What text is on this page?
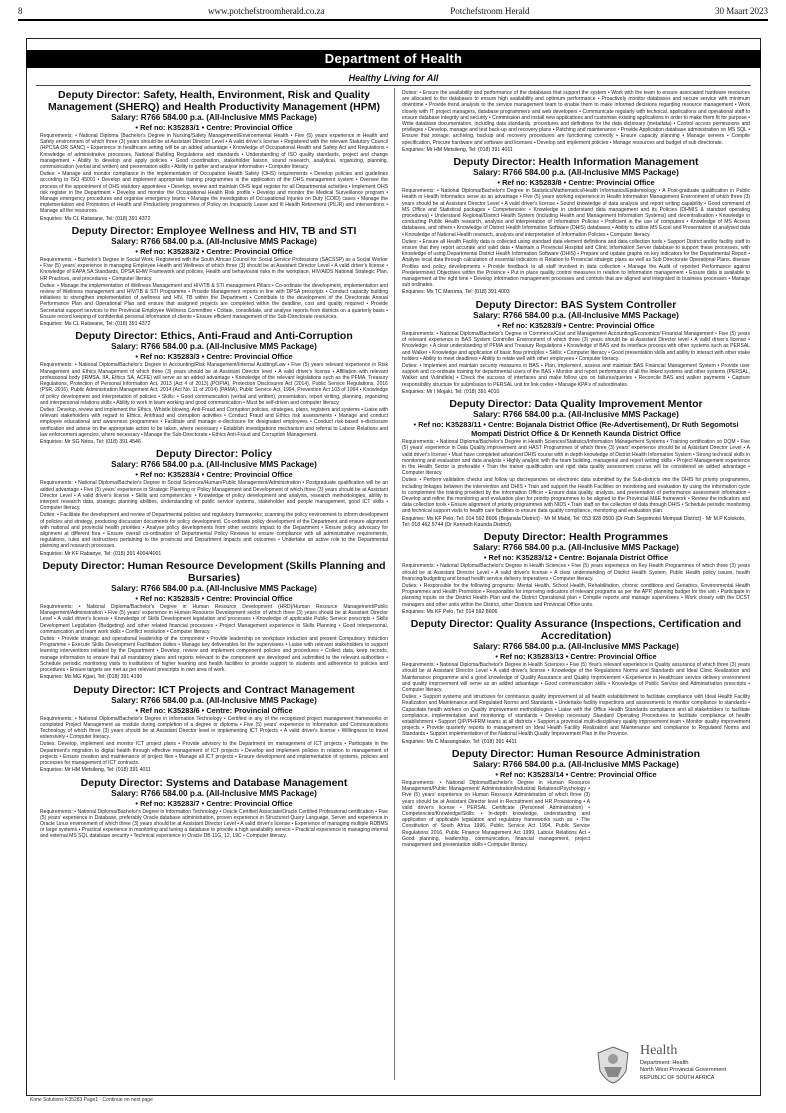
8	www.potchefstroomherald.co.za	Potchefstroom Herald	30 Maart 2023
Department of Health
Healthy Living for All
Deputy Director: Safety, Health, Environment, Risk and Quality Management (SHERQ) and Health Productivity Management (HPM)
Salary: R766 584.00 p.a. (All-Inclusive MMS Package)
• Ref no: K35283/1 • Centre: Provincial Office

Requirements: • National Diploma (Bachelor's Degree in Nursing/Safety Management/Environmental Health • Five (5) years experience in Health and Safety environment of which three (3) years should be at Assistant Director Level • A valid driver's license • Registered with the relevant Statutory Council (HPCSA OR SANC) • Experience in healthcare setting will be an added advantage • Knowledge of Occupational Health and Safety Act and Regulations • Knowledge of administrative processes, National Building Regulations and standards • Understanding of ISO quality standards, project and change management • Ability to develop and apply policies • Good coordination, stakeholder liaison, sound research, analytical, organizing, planning, communication (verbal and written) and presentation skills • Ability to gather and analyse information • Computer literacy.

Duties: • Manage and monitor compliance in the implementation of Occupation Health Safety (OHS) requirements • Develop policies and guidelines according to ISO 45001 • Develop and implement appropriate training programmes in the application of the OHS management system • Oversee the process of the appointment of OHS statutory appointees • Develop, review and maintain OHS legal register for all Departmental activities • Implement OHS risk register in the Department • Develop and monitor the Occupational Health Risk profile • Develop and monitor the Medical Surveillance program • Manage emergency procedures and organise emergency teams • Manage the investigation of Occupational Injuries on Duty (COID) cases • Manage the implementation and Promotion of Health and Productivity programmes of Policy on Incapacity Leave and Ill Health Retirement (PILIR) and interventions • Manage all the resources.

Enquiries: Ms CL Ratseane, Tel: (018) 391 4372
Deputy Director: Employee Wellness and HIV, TB and STI
Salary: R766 584.00 p.a. (All-Inclusive MMS Package)
• Ref no: K35283/2 • Centre: Provincial Office

Requirements: • Bachelor's Degree in Social Work, Registered with the South African Council for Social Service Professions (SACSSP) as a Social Worker • Five (5) years' experience in managing Employee Health and Wellness of which three (3) should be at Assistant Director Level • A valid driver's license • Knowledge of EAPA SA Standards, DPSA EHW Framework and policies, Health and behavioural risks in the workplace, HIV/AIDS National Strategic Plan, HR Practices, and procedures • Computer literacy.

Duties: • Manage the implementation of Wellness Management and HIV/TB & STI management Pillars • Co-ordinate the development, implementation and review of Wellness management and HIV/TB & STI Programme • Provide Management reports in line with DPSA prescripts • Conduct capacity building initiatives to strengthen implementation of wellness and HIV, TB within the Department • Contribute to the development of the Directorate Annual Performance Plan and Operational Plan and ensure that assigned projects are completed within the deadline, cost and quality required • Provide Secretariat support services to the Provincial Employee Wellness Committee • Collate, consolidate, and analyse reports from districts on a quarterly basis • Ensure record keeping of confidential personal information of clients • Ensure efficient management of the Sub-Directorate resources.

Enquiries: Ms CL Ratseane, Tel: (018) 391 4372
Deputy Director: Ethics, Anti-Fraud and Anti-Corruption
Salary: R766 584.00 p.a. (All-Inclusive MMS Package)
• Ref no: K35283/3 • Centre: Provincial Office

Requirements: • National Diploma/Bachelor's Degree in Accounting/Risk Management/Internal Auditing/Law • Five (5) years relevant experience in Risk Management and Ethics Management of which three (3) years should be at Assistant Director level • A valid driver's license • Affiliation with relevant professional body (IRMSA, IIA, Ethics SA, ACFE) will serve as an added advantage • Knowledge of the relevant legislations such as the PFMA, Treasury Regulations, Protection of Personal Information Act, 2013 (Act 4 of 2013) (POPIA), Protection Disclosures Act (2014), Public Service Regulations, 2016 (PSR, 2016), Public Administration Management Act, 2014 (Act No. 11 of 2014) (PAMA), Public Service Act, 1994, Prevention Act 103 of 1994 • Knowledge of policy development and interpretation of policies • Skills: • Good communication (verbal and written), presentation, report writing, planning, organizing and interpersonal relations skills • Ability to work in team working and good communication • Must be self-driven and computer literacy.

Duties: Develop, review and implement the Ethics, Whistle blowing, Anti-Fraud and Corruption policies, strategies, plans, registers and systems • Liaise with relevant stakeholders with regard to Ethics, Antifraud and corruption activities • Conduct Fraud and Ethics risk assessments • Manage and conduct employee educational and awareness programmes • Facilitate and manage e-disclosure for designated employees • Conduct risk-based e-disclosure verification and advise on the appropriate action to be taken, where necessary • Establish investigations mechanism and referral to Labour Relations and law enforcement agencies, where necessary • Manage the Sub-Directorate • Ethics Anti-Fraud and Corruption Management.

Enquiries: Mr SG Ndou, Tel: (018) 391 4546
Deputy Director: Policy
Salary: R766 584.00 p.a. (All-Inclusive MMS Package)
• Ref no: K35283/4 • Centre: Provincial Office

Requirements: • National Diploma/Bachelor's Degree in Social Sciences/Human/Public Management/Administration • Postgraduate qualification will be an added advantage • Five (5) years' experience in Strategic Planning or Policy Management and Development of which three (3) years should be at Assistant Director Level • A valid driver's license • Skills and competencies: • Knowledge of policy development and analysis, research methodologies, ability to interpret research data, strategic planning abilities, understanding of public service systems, stakeholder and people management, good ICT skills • Computer literacy.

Duties: • Facilitate the development and review of Departmental policies and regulatory frameworks; scanning the policy environment to inform development of policies and strategy, producing discussion documents for policy development. Co-ordinate policy development of the Department and ensure alignment with national and provincial health priorities • Analyse policy developments from other sectors impact to the Department • Ensure policy advocacy for alignment at different fora • Ensure overall co-ordination of Departmental Policy Reviews to ensure compliance with all administrative requirements, regulations, rules and instructions pertaining to the provincial and Department impacts and outcomes • Undertake an active role to the Departmental planning and research processes.

Enquiries: Mr KF Rabanye, Tel: (018) 391 4004/4001
Deputy Director: Human Resource Development (Skills Planning and Bursaries)
Salary: R766 584.00 p.a. (All-Inclusive MMS Package)
• Ref no: K35283/5 • Centre: Provincial Office

Requirements: • National Diploma/Bachelor's Degree in Human Resource Development (HRD)/Human Resource Management/Public Management/Administration • Five (5) years' experience in Human Resource Development sector of which three (3) years should be at Assistant Director Level • A valid driver's license • Knowledge of Skills Development legislation and processes • Knowledge of applicable Public Service prescripts • Skills Development Legislation (Budgeting) and other related financial processes • Project Management experience in Skills Planning • Good interpersonal, communication and team work skills • Conflict resolution • Computer literacy.

Duties: • Provide strategic and operational leadership of the component • Provide leadership on workplace induction and present Compulsory Induction Programme • Execute Skills Development Facilitation duties • Manage key deliverables for the supervisees • Liaise with relevant stakeholders to support learning interventions initiated by the Department • Develop, review and implement component policies and procedures • Collect data, keep records, manage information to ensure that all mandatory plans and reports relevant to the component are developed and submitted to the relevant authorities • Schedule periodic monitoring visits to institutions of higher learning and health facilities to provide support to students and adherence to policies and procedures • Ensure targets are met as per relevant prescripts in own area of work.

Enquiries: Ms MG Kgari, Tel: (018) 391 4190
Deputy Director: ICT Projects and Contract Management
Salary: R766 584.00 p.a. (All-Inclusive MMS Package)
• Ref no: K35283/6 • Centre: Provincial Office

Requirements: • National Diploma/Bachelor's Degree in Information Technology • Certified in any of the recognized project management frameworks or completed Project Management as module during completion of a degree or diploma • Five (5) years' experience in Information and Communications Technology of which three (3) years should be at Assistant Director level in implementing ICT Projects • A valid driver's license • Willingness to travel extensively • Computer literacy.

Duties: Develop, implement and monitor ICT project plans • Provide advisory to the Department on management of ICT projects • Participate in the Department's migration to digital health through effective management of ICT projects • Develop and implement policies in relation to management of projects • Ensure creation and maintenance of project files • Manage all ICT projects • Ensure development and implementation of systems, policies and processes for management of ICT contracts.

Enquiries: Mr HM Metsileng, Tel: (018) 391 4011
Deputy Director: Systems and Database Management
Salary: R766 584.00 p.a. (All-Inclusive MMS Package)
• Ref no: K35283/7 • Centre: Provincial Office

Requirements: • National Diploma/Bachelor's Degree in Information Technology • Oracle Certified Associate/Oracle Certified Professional certification • Five (5) years' experience in Database, preferably Oracle database administration, proven experience in Structured Query Language, Server and experience in Oracle Linux environment of which three (3) years should be at Assistant Director Level • A valid driver's license • Experience of managing multiple RDBMS or large systems • Practical experience in monitoring and tuning a database to provide a high availability service • Practical experience in managing internal and external MS SQL database security • Technical experience in Oracle DB 11G, 12, 19C • Computer literacy.

Duties: • Ensure the availability and performance of the databases that support the system • Work with the team to ensure associated hardware resources are allocated to the databases to ensure high availability and optimum performance • Proactively monitor databases and secure service with minimum downtime • Provide trend analysis to the service management team to enable them to make informed decisions regarding resource management • Work closely with IT project managers, database programmers and web developers • Communicate regularly with technical, applications and operational staff to ensure database integrity and security • Commission and install new applications and customise existing applications in order to make them fit for purpose • Write database documentation, including data standards, procedures and definitions for the data dictionary (metadata) • Control access permissions and privileges • Develop, manage and test back-up and recovery plans • Patching and maintenance • Provide Application database administration on MS SQL • Ensure that storage, archiving, backup and recovery procedures are functioning correctly • Ensure capacity planning • Manage servers • Compile specification, Procure hardware and software and licenses • Develop and implement policies • Manage resources and budget of sub directorate.

Enquiries: Mr HM Metsileng, Tel: (018) 391 4011
Deputy Director: Health Information Management
Salary: R766 584.00 p.a. (All-Inclusive MMS Package)
• Ref no: K35283/8 • Centre: Provincial Office

Requirements: • National Diploma/Bachelor's Degree in Statistics/Mathematics/Health Informatics/Epidemiology • A Post-graduate qualification in Public Health or Health Informatics serve as an advantage • Five (5) years working experience in Health Information Management Environment of which three (3) years should be at Assistant Director Level • A valid driver's license • Sound knowledge of data analysis and report writing capability • Good command of MS Office and Statistical packages • Competencies: • Knowledge in understand data management and its Policies (DHMIS & standard operating procedures) • Understand Regional/District Health System (including Health and Management Information Systems) and decentralisation • Knowledge in conducting Public Health research, analysis and interpretation of Information Policies • Proficient in the use of computers • Knowledge of MS Access databases, and others • Knowledge of District Health Information Software (DHIS) databases • Ability to utilise MS Excel and Presentation of analysed data • Knowledge of National Health research, analysis and interpretation of Information Policies • Computer literacy.

Duties: • Ensure all Health Facility data is collected using standard data element definitions and data collection tools • Support District and/or facility staff to ensure that they report accurate and valid data • Maintain a Provincial Hospital and Clinic information Server database to support these processes, with knowledge of using Departmental District Health Information Software (DHIS) • Prepare and update graphs on key indicators for the Departmental Report • Analyse local data through calculation of essential indicators in Relation to Provincial strategic plans as well as Sub Directorate Operational Plans, disease Profiles and policy developments • Provide feedback to all staff involved in data collection • Manage the Audit of reported Performance against Predetermined Objectives within the Province • Put in place quality control measures in relation to information management • Ensure data is available to management at the right time • Develop information management processes and controls that are aligned and integrated to business processes • Manage sub ordinates.

Enquiries: Ms TC Maruma, Tel: (018) 391 4003
Deputy Director: BAS System Controller
Salary: R766 584.00 p.a. (All-Inclusive MMS Package)
• Ref no: K35283/9 • Centre: Provincial Office

Requirements: • National Diploma/Bachelor's Degree in Commerce/Cost and Management Accounting/Economics/ Financial Management • Five (5) years of relevant experience in BAS System Controller Environment of which three (3) years should be at Assistant Director level • A valid driver's license • Knowledge: • A clear understanding of PFMA and Treasury Regulations • Knowledge of BAS and its interface process with other systems such as PERSAL and Walker • Knowledge and application of basic flow principles • Skills: • Computer literacy • Good presentation skills and ability to interact with other stake holders • Ability to meet deadlines • Ability to relate well with other employees • Computer literacy.

Duties: • Implement and maintain security measures in BAS • Plan, implement, assess and maintain BAS Financial Management System • Provide user support and co-ordinate training for departmental users of the BAS • Monitor and report performance of all the linked systems and other systems (PERSAL, Walker and Vulindlela) • Check the success of interfaces and make follow ups on failures/queries • Reconcile BAS and walker payments • Capture responsibility structure for submission to PERSAL unit for link codes • Manage KPA's of subordinates.

Enquiries: Mr I Mojaki, Tel: (018) 391 4010
Deputy Director: Data Quality Improvement Mentor
Salary: R766 584.00 p.a. (All-Inclusive MMS Package)
• Ref no: K35283/11 • Centre: Bojanala District Office (Re-Advertisement), Dr Ruth Segomotsi Mompati District Office & Dr Kenneth Kaunda District Office

Requirements: • National Diploma/Bachelor's Degree in Health Sciences/Statistics/Information Management Systems • Training certification on DQM • Five (5) years' experience in Data Quality improvement and HAST Programmes of which three (3) years' experience should be at Assistant Director Level • A valid driver's license • Must have completed advanced DHIS course with in depth knowledge of District Health Information System • Strong technical skills in monitoring and evaluation and data analysis • Highly analytic with the team building, managerial and report writing skills • Project Management experience in the Health Sector is preferable • Train the trainer qualification and rigid data quality assessment course will be considered an added advantage • Computer literacy.

Duties: • Perform validation checks and follow up discrepancies on electronic data submitted by the Sub-districts into the DHIS for priority programmes, including linkages between the intervention and DHIS • Train and support the Health Facilities on monitoring and evaluation by using the information cycle to complement the training provided by the Information Officer • Ensure data quality, analysis, and presentation of performance assessment information • Develop and refine the monitoring and evaluation plan for priority programmes to be aligned to the Provincial M&E framework • Review the indicators and data collection tools • Ensure alignment of priority programmes with NIDS • Train staff on the collection of data through DHIS • Schedule periodic monitoring and technical support visits to health care facilities to ensure data quality compliance, monitoring and evaluation plan.

Enquiries: Ms KF Pelo, Tel: 014 592 8606 (Bojanala District) · Mr M Mabil, Tel: 053 928 0500 (Dr Ruth Segomotsi Mompati District) · Mr M.P Kolokoto, Tel: 018 462 5744 (Dr Kenneth Kaunda District)
Deputy Director: Health Programmes
Salary: R766 584.00 p.a. (All-Inclusive MMS Package)
• Ref no: K35283/12 • Centre: Bojanala District Office

Requirements: • National Diploma/Bachelor's Degree in Health Sciences • Five (5) years experience on Key Health Programmes of which three (3) years should be at Assistant Director Level • A valid driver's license • A clear understanding of District Health System, Public Health policy issues, health financing/budgeting and broad health service delivery imperatives • Computer literacy.

Duties: • Responsible for the following programs: Mental Health, School Health, Rehabilitation, chronic conditions and Geriatrics, Environmental Health Programmes and Health Promotion • Responsible for improving indicators of relevant programs as per the APP, planning budget for the unit • Participate in planning inputs on the District Health Plan and the District Operational plan • Compile reports and manage supervisees • Work closely with the DCST managers and other units within the District, other Districts and Provincial Office units.

Enquiries: Ms KF Pelo, Tel: 014 592 8606
Deputy Director: Quality Assurance (Inspections, Certification and Accreditation)
Salary: R766 584.00 p.a. (All-Inclusive MMS Package)
• Ref no: K35283/13 • Centre: Provincial Office

Requirements: • National Diploma/Bachelor's Degree in Health Sciences • Five (5) Year's relevant experience in Quality assurance of which three (3) years should be at Assistant Director Level • A valid driver's license • Knowledge of the Regulations Norms and Standards and Ideal Clinic Realization and Maintenance programme and a good knowledge of Quality Assurance and Quality Improvement • Experience in Healthcare service delivery environment and quality improvement will serve as an added advantage • Good communication skills • Knowledge of Public Service and Administration prescripts • Computer literacy.

Duties: • Support systems and structures for continuous quality improvement at all health establishment to facilitate compliance with Ideal Health Facility Realization and Maintenance and Regulated Norms and Standards • Undertake facility inspections and assessments to monitor compliance to standards • Capacitate health workers on Quality improvement methodologies • Liaise with the Office Health Standards compliance and all stakeholders to facilitate compliance, implementation and monitoring of standards • Develop necessary Standard Operating Procedures to facilitate compliance of health establishment • Support QIP/PHFRM teams at all districts • Support a provincial multi-disciplinary quality improvement team • Monitor quality improvement projects • Provide quarterly reports to management on Ideal Health Facility Realization and Maintenance and compliance to Regulated Norms and Standards • Support implementation of the National Health Quality Improvement Plan in the Province.

Enquiries: Ms C Masangoako, Tel: (018) 391 4411
Deputy Director: Human Resource Administration
Salary: R766 584.00 p.a. (All-Inclusive MMS Package)
• Ref no: K35283/14 • Centre: Provincial Office

Requirements: • National Diploma/Bachelor's Degree in Human Resource Management/Public Management/ Administration/Industrial Relations/Psychology • Five (5) years' experience on Human Resource Administration of which three (3) years should be at Assistant Director level in Recruitment and HR Provisioning • A valid driver's license • PERSAL Certificate (Personnel Administration) • Competencies/Knowledge/Skills: • In-depth knowledge, understanding and application of applicable legislation and regulatory frameworks such as: • The Constitution of South Africa 1996, Public Service Act 1994, Public Service Regulations 2016, Public Finance Management Act 1999, Labour Relations Act • Good planning, leadership, communication, financial management, project management and presentation skills • Computer literacy.

Health
Department: Health
North West Provincial Government
REPUBLIC OF SOUTH AFRICA
Kone Solutions K35283 Page1 · Continue on next page
